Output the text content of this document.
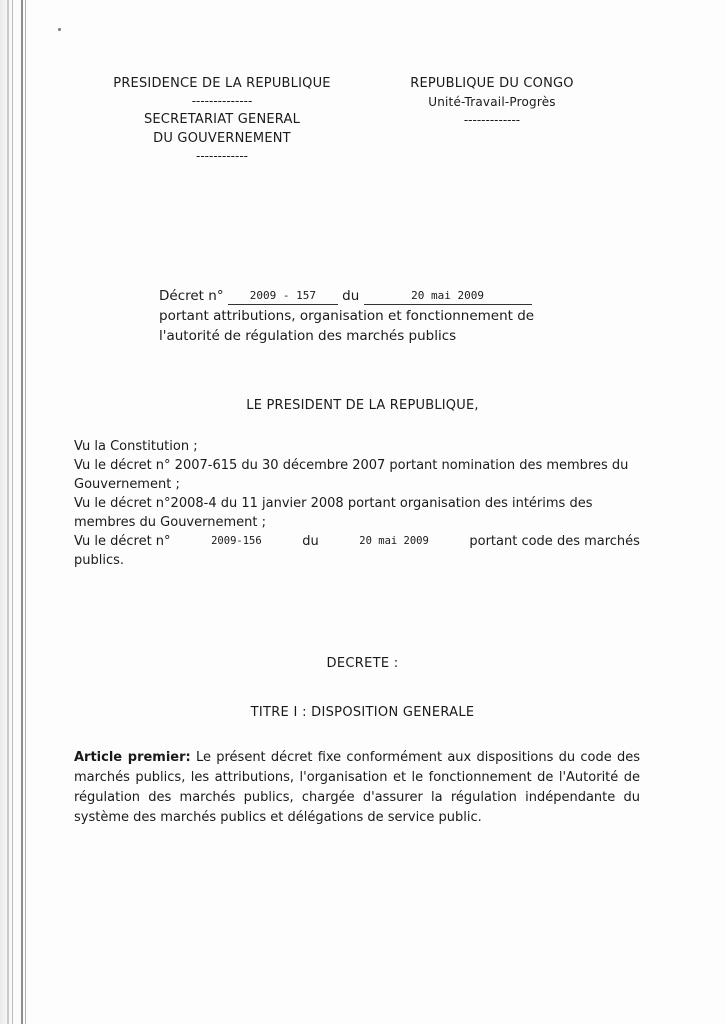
PRESIDENCE DE LA REPUBLIQUE
--------------
SECRETARIAT GENERAL
DU GOUVERNEMENT
------------
REPUBLIQUE DU CONGO
Unité-Travail-Progrès
-------------
Décret n° 2009 - 157 du	20 mai 2009
portant attributions, organisation et fonctionnement de
l'autorité de régulation des marchés publics
LE PRESIDENT DE LA REPUBLIQUE,

Vu la Constitution ;

Vu le décret n° 2007-615 du 30 décembre 2007 portant nomination des membres du Gouvernement ;

Vu le décret n°2008-4 du 11 janvier 2008 portant organisation des intérims des membres du Gouvernement ;

Vu le décret n°	2009-156	du	20 mai 2009	portant code des marchés

publics.

DECRETE :
TITRE I : DISPOSITION GENERALE
Article premier: Le présent décret fixe conformément aux dispositions du code des marchés publics, les attributions, l'organisation et le fonctionnement de l'Autorité de régulation des marchés publics, chargée d'assurer la régulation indépendante du système des marchés publics et délégations de service public.
